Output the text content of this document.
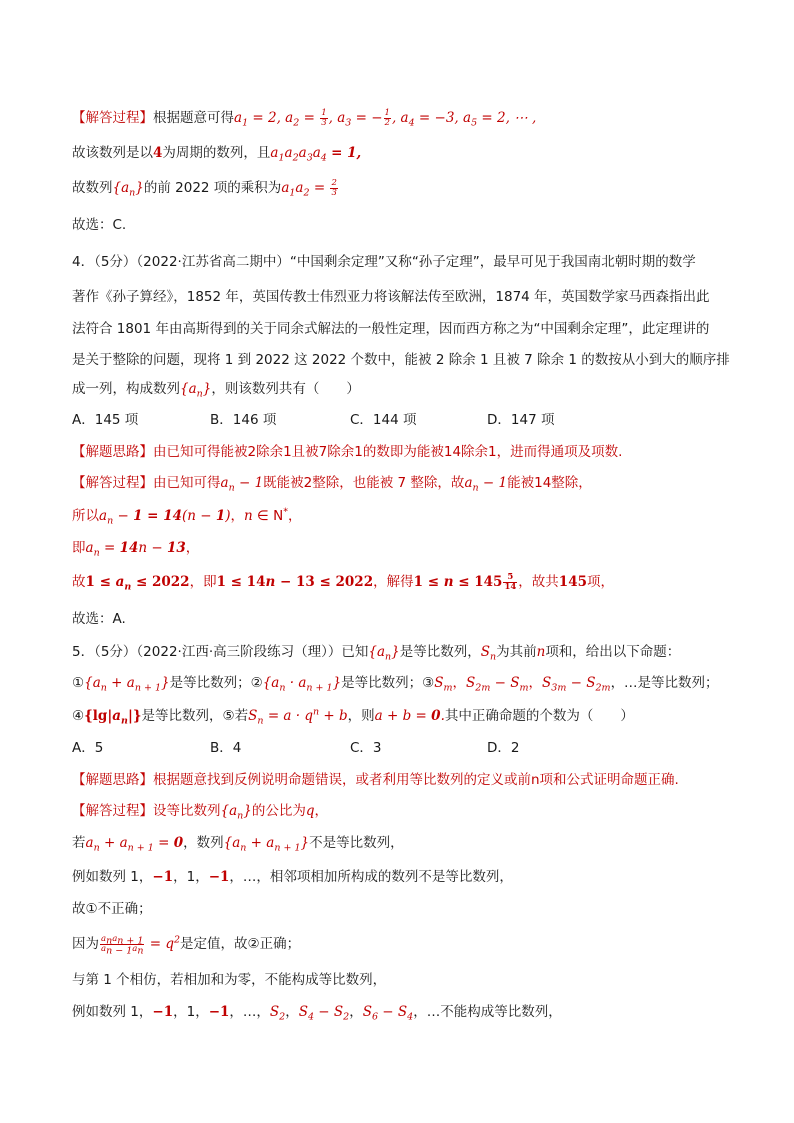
【解答过程】根据题意可得$a_1 = 2$, $a_2 = \frac{1}{3}$ , $a_3$ = − $\frac{1}{2}$ , $a_4 = -3$, $a_5 = 2$, ⋯ ,
故该数列是以4为周期的数列，且$a_1a_2a_3a_4 = 1$,
故数列$\{a_n\}$的前 2022 项的乘积为$a_1a_2 = \frac{2}{3}$
故选：C.
4．（5分）（2022·江苏省高二期中）“中国剩余定理”又称“孙子定理”，最早可见于我国南北朝时期的数学
著作《孙子算经》，1852 年，英国传教士伟烈亚力将该解法传至欧洲，1874 年，英国数学家马西森指出此
法符合 1801 年由高斯得到的关于同余式解法的一般性定理，因而西方称之为“中国剩余定理”，此定理讲的
是关于整除的问题，现将 1 到 2022 这 2022 个数中，能被 2 除余 1 且被 7 除余 1 的数按从小到大的顺序排
成一列，构成数列$\{a_n\}$，则该数列共有（　　）
A．145 项	B．146 项	C．144 项	D．147 项
【解题思路】由已知可得能被2除余1且被7除余1的数即为能被14除余1，进而得通项及项数.
【解答过程】由已知可得$a_n - 1$既能被2整除，也能被 7 整除，故$a_n - 1$能被14整除，
所以$a_n - 1 = 14(n - 1)$，n ∈ N*，
即$a_n = 14n - 13$，
故$1 \le a_n \le 2022$，即1 ≤ 14n − 13 ≤ 2022，解得$1 \le n \le 145 \frac{5}{14}$ ，故共145项，
故选：A.
5．（5分）（2022·江西·高三阶段练习（理））已知$\{a_n\}$是等比数列，$S_n$为其前n项和，给出以下命题：
$①\{a_n + a_{n + 1}\}$是等比数列；$②\{a_n \cdot a_{n + 1}\}$是等比数列；$③S_m$，$S_{2m} - S_m$，$S_{3m} - S_{2m}$，…是等比数列；
$④\{\lg|a_n|\}$是等比数列，⑤若$S_n = a \cdot q^n + b$，则a + b = 0.其中正确命题的个数为（　　）
A．5	B．4	C．3	D．2
【解题思路】根据题意找到反例说明命题错误，或者利用等比数列的定义或前n项和公式证明命题正确.
【解答过程】设等比数列$\{a_n\}$的公比为q，
若$a_n + a_{n + 1} = 0$，数列$\{a_n + a_{n + 1}\}$不是等比数列，
例如数列 1，−1，1，−1，…，相邻项相加所构成的数列不是等比数列，
故①不正确；
因为 $\frac{a_na_{n + 1}}{a_{n - 1}a_n} = q^2$是定值，故②正确；
与第 1 个相仿，若相加和为零，不能构成等比数列，
例如数列 1，−1，1，−1，…，$S_2$，$S_4 - S_2$，$S_6 - S_4$，…不能构成等比数列，
